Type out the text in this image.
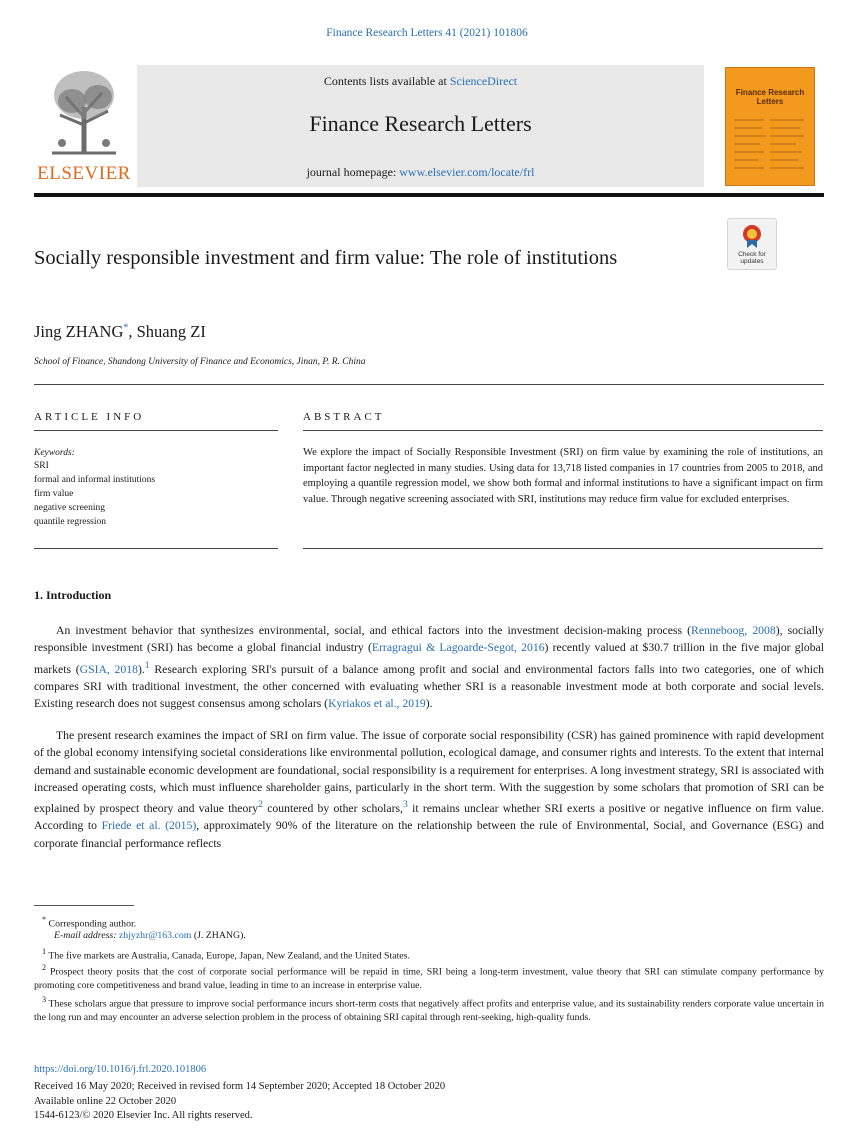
Finance Research Letters 41 (2021) 101806
ELSEVIER
Contents lists available at ScienceDirect
Finance Research Letters
journal homepage: www.elsevier.com/locate/frl
Finance Research Letters
Socially responsible investment and firm value: The role of institutions	Check for updates
Jing ZHANG*, Shuang ZI
School of Finance, Shandong University of Finance and Economics, Jinan, P. R. China
ARTICLE INFO
Keywords:
SRI
formal and informal institutions
firm value
negative screening
quantile regression
ABSTRACT
We explore the impact of Socially Responsible Investment (SRI) on firm value by examining the role of institutions, an important factor neglected in many studies. Using data for 13,718 listed companies in 17 countries from 2005 to 2018, and employing a quantile regression model, we show both formal and informal institutions to have a significant impact on firm value. Through negative screening associated with SRI, institutions may reduce firm value for excluded enterprises.
1. Introduction
An investment behavior that synthesizes environmental, social, and ethical factors into the investment decision-making process (Renneboog, 2008), socially responsible investment (SRI) has become a global financial industry (Erragragui & Lagoarde-Segot, 2016) recently valued at $30.7 trillion in the five major global markets (GSIA, 2018).$^1$ Research exploring SRI's pursuit of a balance among profit and social and environmental factors falls into two categories, one of which compares SRI with traditional investment, the other concerned with evaluating whether SRI is a reasonable investment mode at both corporate and social levels. Existing research does not suggest consensus among scholars (Kyriakos et al., 2019).
The present research examines the impact of SRI on firm value. The issue of corporate social responsibility (CSR) has gained prominence with rapid development of the global economy intensifying societal considerations like environmental pollution, ecological damage, and consumer rights and interests. To the extent that internal demand and sustainable economic development are foundational, social responsibility is a requirement for enterprises. A long investment strategy, SRI is associated with increased operating costs, which must influence shareholder gains, particularly in the short term. With the suggestion by some scholars that promotion of SRI can be explained by prospect theory and value theory$^2$ countered by other scholars,$^3$ it remains unclear whether SRI exerts a positive or negative influence on firm value. According to Friede et al. (2015), approximately 90% of the literature on the relationship between the rule of Environmental, Social, and Governance (ESG) and corporate financial performance reflects
* Corresponding author.
E-mail address: zhjyzhr@163.com (J. ZHANG).
$^1$ The five markets are Australia, Canada, Europe, Japan, New Zealand, and the United States.
$^2$ Prospect theory posits that the cost of corporate social performance will be repaid in time, SRI being a long-term investment, value theory that SRI can stimulate company performance by promoting core competitiveness and brand value, leading in time to an increase in enterprise value.
$^3$ These scholars argue that pressure to improve social performance incurs short-term costs that negatively affect profits and enterprise value, and its sustainability renders corporate value uncertain in the long run and may encounter an adverse selection problem in the process of obtaining SRI capital through rent-seeking, high-quality funds.
https://doi.org/10.1016/j.frl.2020.101806
Received 16 May 2020; Received in revised form 14 September 2020; Accepted 18 October 2020
Available online 22 October 2020
1544-6123/© 2020 Elsevier Inc. All rights reserved.
